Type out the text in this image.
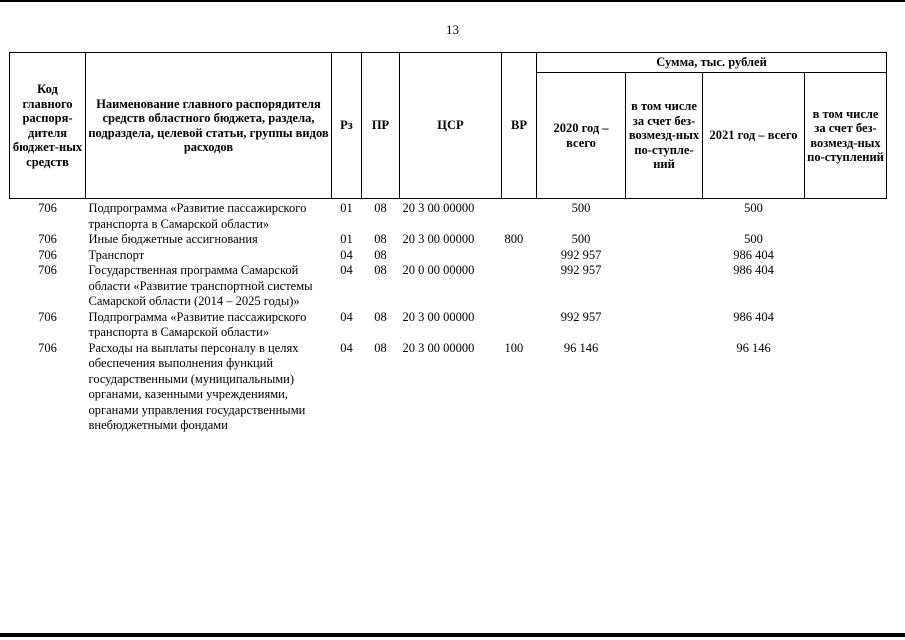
13
Код главного распоря-дителя бюджет-ных средств	Наименование главного распорядителя средств областного бюджета, раздела, подраздела, целевой статьи, группы видов расходов	Рз	ПР	ЦСР	ВР	Сумма, тыс. рублей			
						2020 год – всего	в том числе за счет без-возмезд-ных по-ступле-ний	2021 год – всего	в том числе за счет без-возмезд-ных по-ступлений
706	Подпрограмма «Развитие пассажирского транспорта в Самарской области»	01	08	20 3 00 00000		500		500	
706	Иные бюджетные ассигнования	01	08	20 3 00 00000	800	500		500	
706	Транспорт	04	08			992 957		986 404	
706	Государственная программа Самарской области «Развитие транспортной системы Самарской области (2014 – 2025 годы)»	04	08	20 0 00 00000		992 957		986 404	
706	Подпрограмма «Развитие пассажирского транспорта в Самарской области»	04	08	20 3 00 00000		992 957		986 404	
706	Расходы на выплаты персоналу в целях обеспечения выполнения функций государственными (муниципальными) органами, казенными учреждениями, органами управления государственными внебюджетными фондами	04	08	20 3 00 00000	100	96 146		96 146	
